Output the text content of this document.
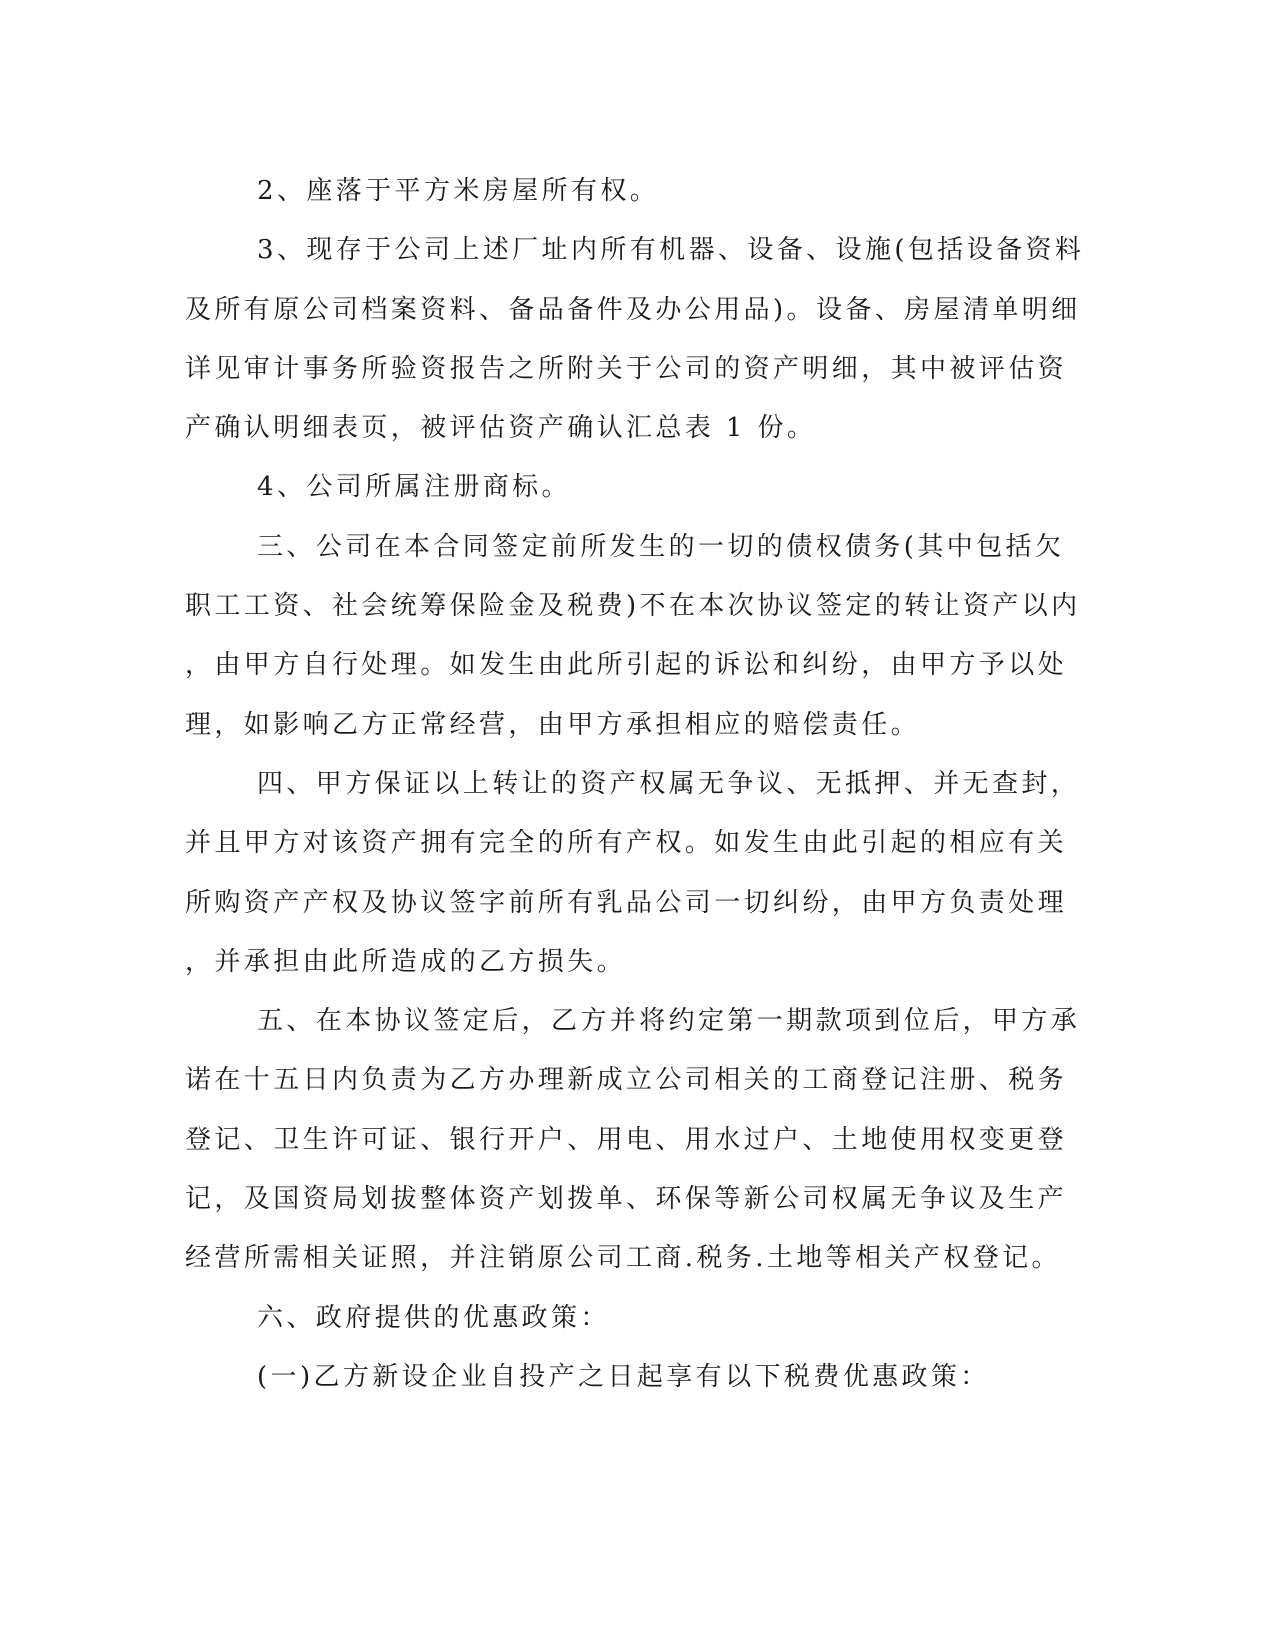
2、座落于平方米房屋所有权。
3、现存于公司上述厂址内所有机器、设备、设施(包括设备资料
及所有原公司档案资料、备品备件及办公用品)。设备、房屋清单明细
详见审计事务所验资报告之所附关于公司的资产明细，其中被评估资
产确认明细表页，被评估资产确认汇总表 1 份。
4、公司所属注册商标。
三、公司在本合同签定前所发生的一切的债权债务(其中包括欠
职工工资、社会统筹保险金及税费)不在本次协议签定的转让资产以内
，由甲方自行处理。如发生由此所引起的诉讼和纠纷，由甲方予以处
理，如影响乙方正常经营，由甲方承担相应的赔偿责任。
四、甲方保证以上转让的资产权属无争议、无抵押、并无查封，
并且甲方对该资产拥有完全的所有产权。如发生由此引起的相应有关
所购资产产权及协议签字前所有乳品公司一切纠纷，由甲方负责处理
，并承担由此所造成的乙方损失。
五、在本协议签定后，乙方并将约定第一期款项到位后，甲方承
诺在十五日内负责为乙方办理新成立公司相关的工商登记注册、税务
登记、卫生许可证、银行开户、用电、用水过户、土地使用权变更登
记，及国资局划拔整体资产划拨单、环保等新公司权属无争议及生产
经营所需相关证照，并注销原公司工商.税务.土地等相关产权登记。
六、政府提供的优惠政策：
(一)乙方新设企业自投产之日起享有以下税费优惠政策：
